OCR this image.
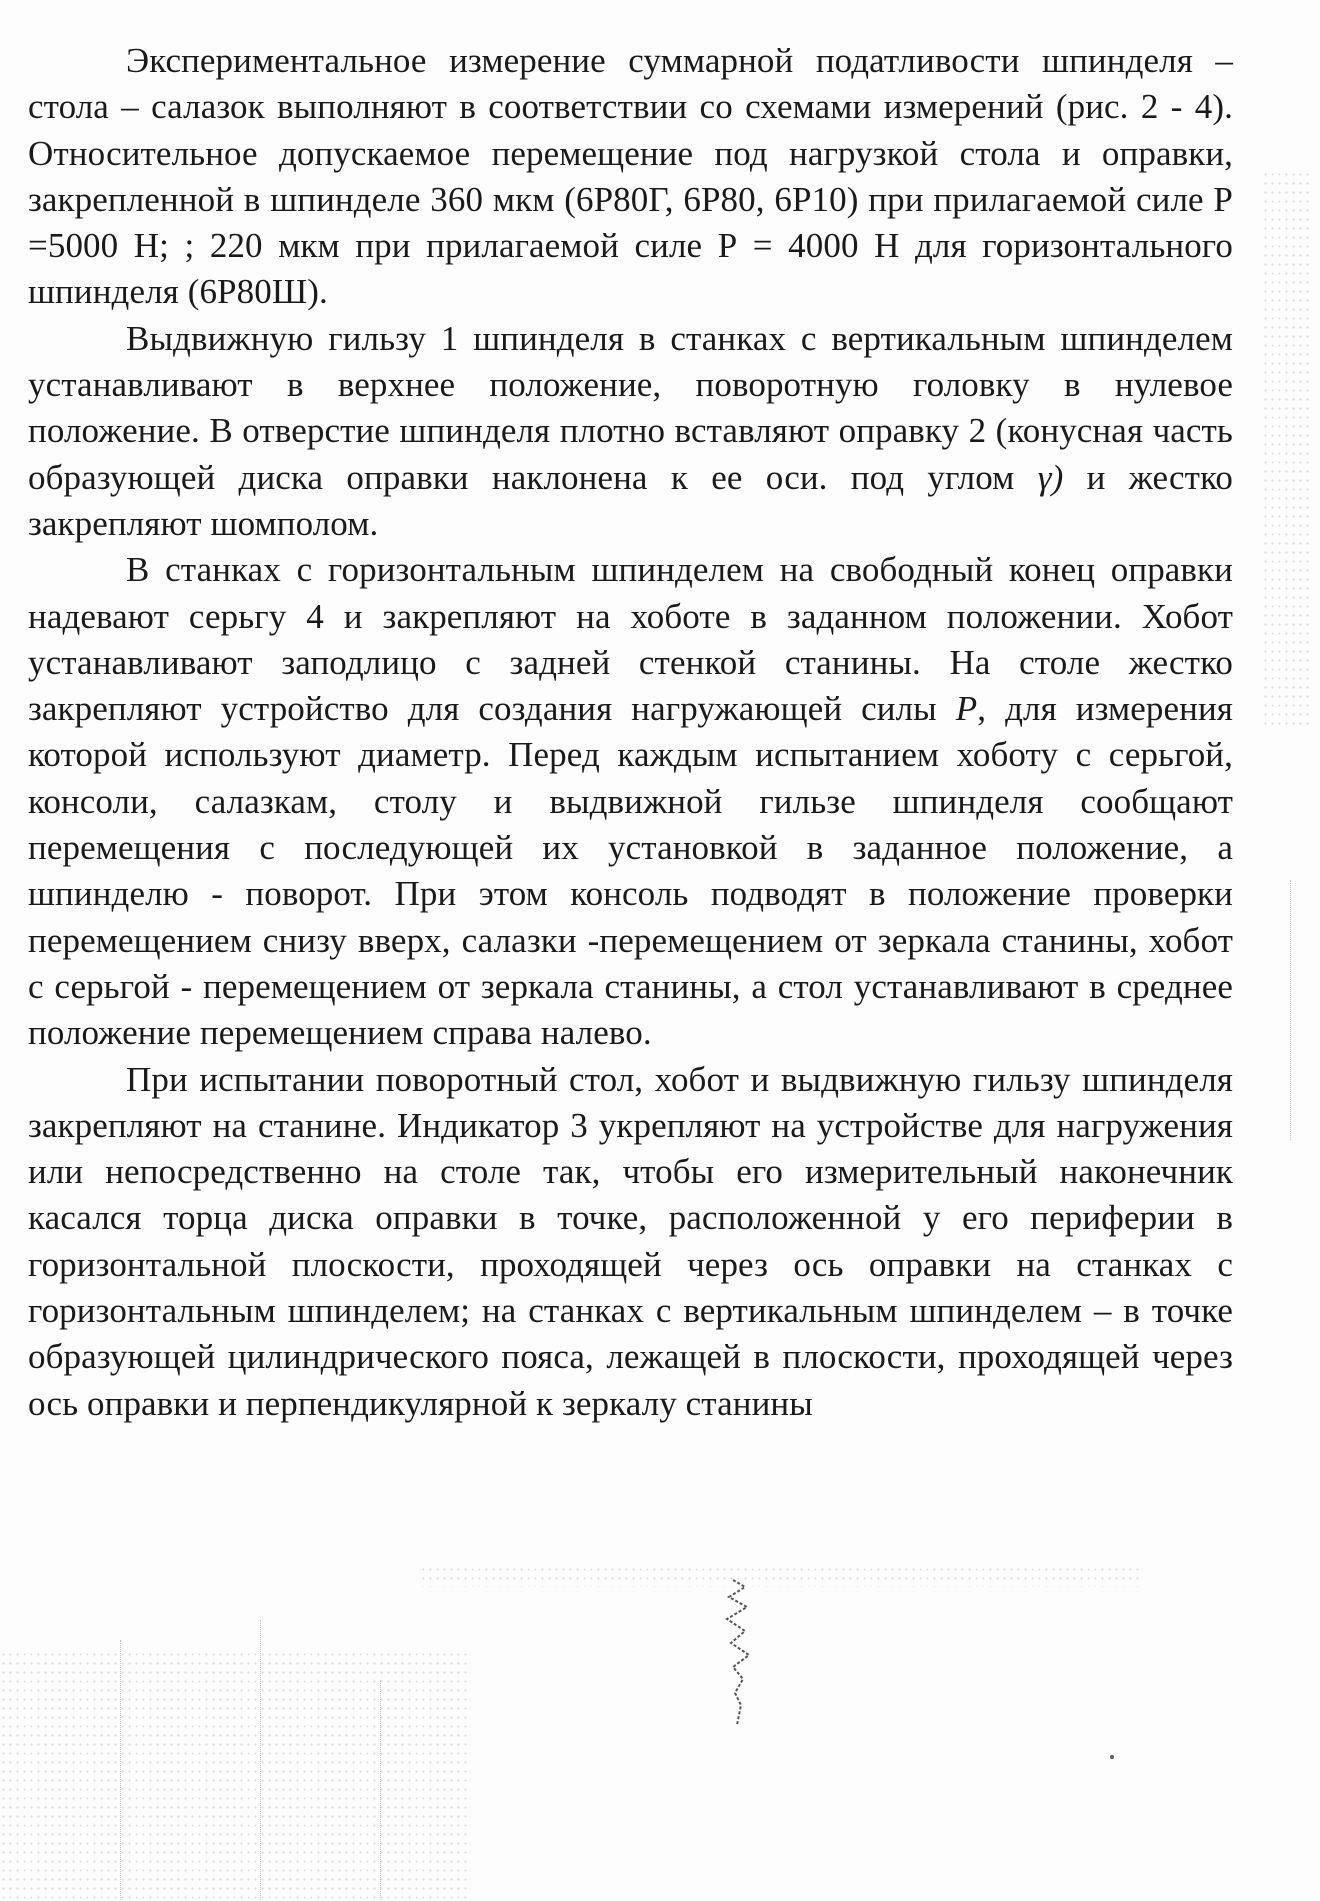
Экспериментальное измерение суммарной податливости шпинделя – стола – салазок выполняют в соответствии со схемами измерений (рис. 2 - 4). Относительное допускаемое перемещение под нагрузкой стола и оправки, закрепленной в шпинделе 360 мкм (6Р80Г, 6Р80, 6Р10) при прилагаемой силе Р =5000 Н; ; 220 мкм при прилагаемой силе Р = 4000 Н для горизонтального шпинделя (6Р80Ш).

Выдвижную гильзу 1 шпинделя в станках с вертикальным шпинделем устанавливают в верхнее положение, поворотную головку в нулевое положение. В отверстие шпинделя плотно вставляют оправку 2 (конусная часть образующей диска оправки наклонена к ее оси. под углом γ) и жестко закрепляют шомполом.

В станках с горизонтальным шпинделем на свободный конец оправки надевают серьгу 4 и закрепляют на хоботе в заданном положении. Хобот устанавливают заподлицо с задней стенкой станины. На столе жестко закрепляют устройство для создания нагружающей силы Р, для измерения которой используют диаметр. Перед каждым испытанием хоботу с серьгой, консоли, салазкам, столу и выдвижной гильзе шпинделя сообщают перемещения с последующей их установкой в заданное положение, а шпинделю - поворот. При этом консоль подводят в положение проверки перемещением снизу вверх, салазки -перемещением от зеркала станины, хобот с серьгой - перемещением от зеркала станины, а стол устанавливают в среднее положение перемещением справа налево.

При испытании поворотный стол, хобот и выдвижную гильзу шпинделя закрепляют на станине. Индикатор 3 укрепляют на устройстве для нагружения или непосредственно на столе так, чтобы его измерительный наконечник касался торца диска оправки в точке, расположенной у его периферии в горизонтальной плоскости, проходящей через ось оправки на станках с горизонтальным шпинделем; на станках с вертикальным шпинделем – в точке образующей цилиндрического пояса, лежащей в плоскости, проходящей через ось оправки и перпендикулярной к зеркалу станины
